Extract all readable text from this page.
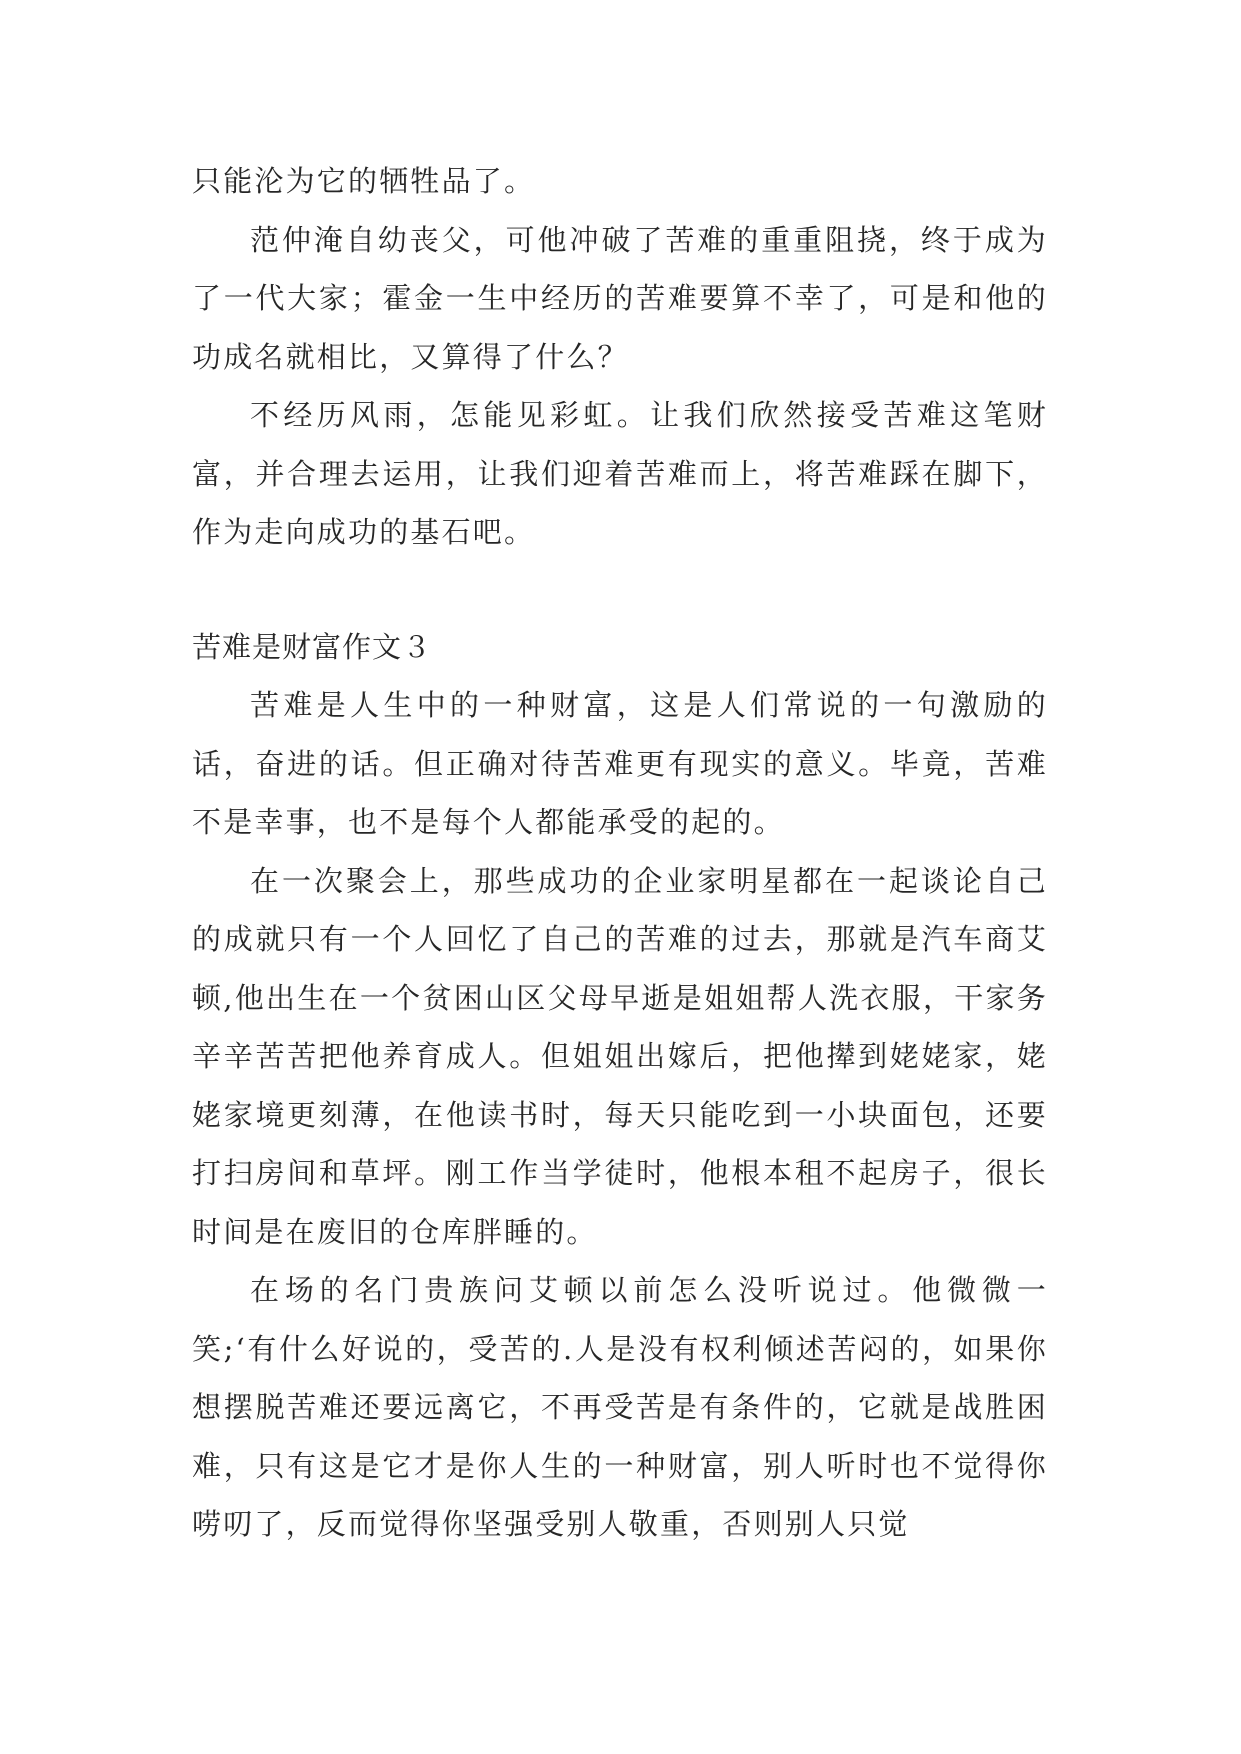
只能沦为它的牺牲品了。

范仲淹自幼丧父，可他冲破了苦难的重重阻挠，终于成为了一代大家；霍金一生中经历的苦难要算不幸了，可是和他的功成名就相比，又算得了什么？

不经历风雨，怎能见彩虹。让我们欣然接受苦难这笔财富，并合理去运用，让我们迎着苦难而上，将苦难踩在脚下，作为走向成功的基石吧。

苦难是财富作文３

苦难是人生中的一种财富，这是人们常说的一句激励的话，奋进的话。但正确对待苦难更有现实的意义。毕竟，苦难不是幸事，也不是每个人都能承受的起的。

在一次聚会上，那些成功的企业家明星都在一起谈论自己的成就只有一个人回忆了自己的苦难的过去，那就是汽车商艾顿,他出生在一个贫困山区父母早逝是姐姐帮人洗衣服，干家务辛辛苦苦把他养育成人。但姐姐出嫁后，把他撵到姥姥家，姥姥家境更刻薄，在他读书时，每天只能吃到一小块面包，还要打扫房间和草坪。刚工作当学徒时，他根本租不起房子，很长时间是在废旧的仓库胖睡的。

在场的名门贵族问艾顿以前怎么没听说过。他微微一笑;‘有什么好说的，受苦的.人是没有权利倾述苦闷的，如果你想摆脱苦难还要远离它，不再受苦是有条件的，它就是战胜困难，只有这是它才是你人生的一种财富，别人听时也不觉得你唠叨了，反而觉得你坚强受别人敬重，否则别人只觉
